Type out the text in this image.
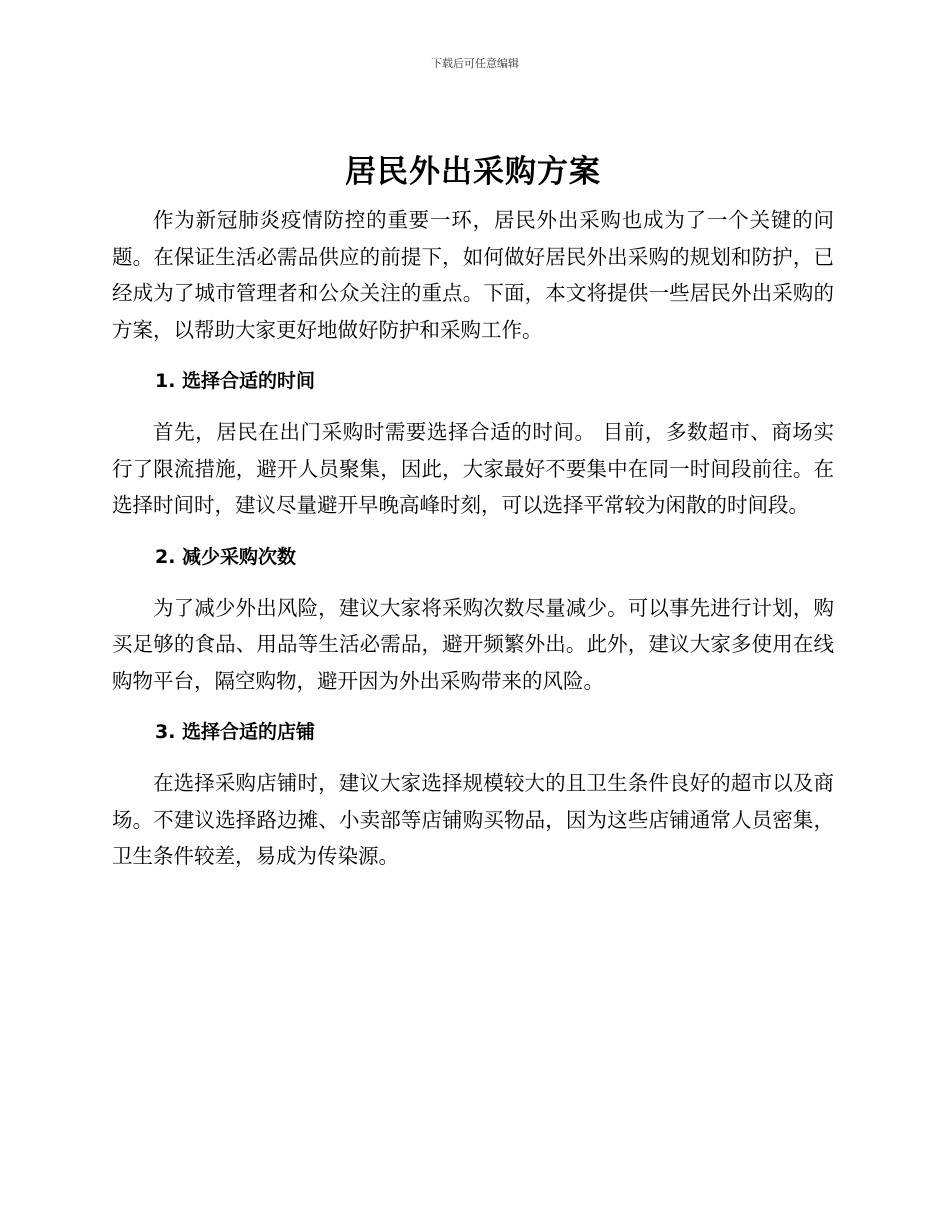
下载后可任意编辑
居民外出采购方案

作为新冠肺炎疫情防控的重要一环，居民外出采购也成为了一个关键的问题。在保证生活必需品供应的前提下，如何做好居民外出采购的规划和防护，已经成为了城市管理者和公众关注的重点。下面，本文将提供一些居民外出采购的方案，以帮助大家更好地做好防护和采购工作。

1. 选择合适的时间

首先，居民在出门采购时需要选择合适的时间。 目前，多数超市、商场实行了限流措施，避开人员聚集，因此，大家最好不要集中在同一时间段前往。在选择时间时，建议尽量避开早晚高峰时刻，可以选择平常较为闲散的时间段。

2. 减少采购次数

为了减少外出风险，建议大家将采购次数尽量减少。可以事先进行计划，购买足够的食品、用品等生活必需品，避开频繁外出。此外，建议大家多使用在线购物平台，隔空购物，避开因为外出采购带来的风险。

3. 选择合适的店铺

在选择采购店铺时，建议大家选择规模较大的且卫生条件良好的超市以及商场。不建议选择路边摊、小卖部等店铺购买物品，因为这些店铺通常人员密集，卫生条件较差，易成为传染源。
